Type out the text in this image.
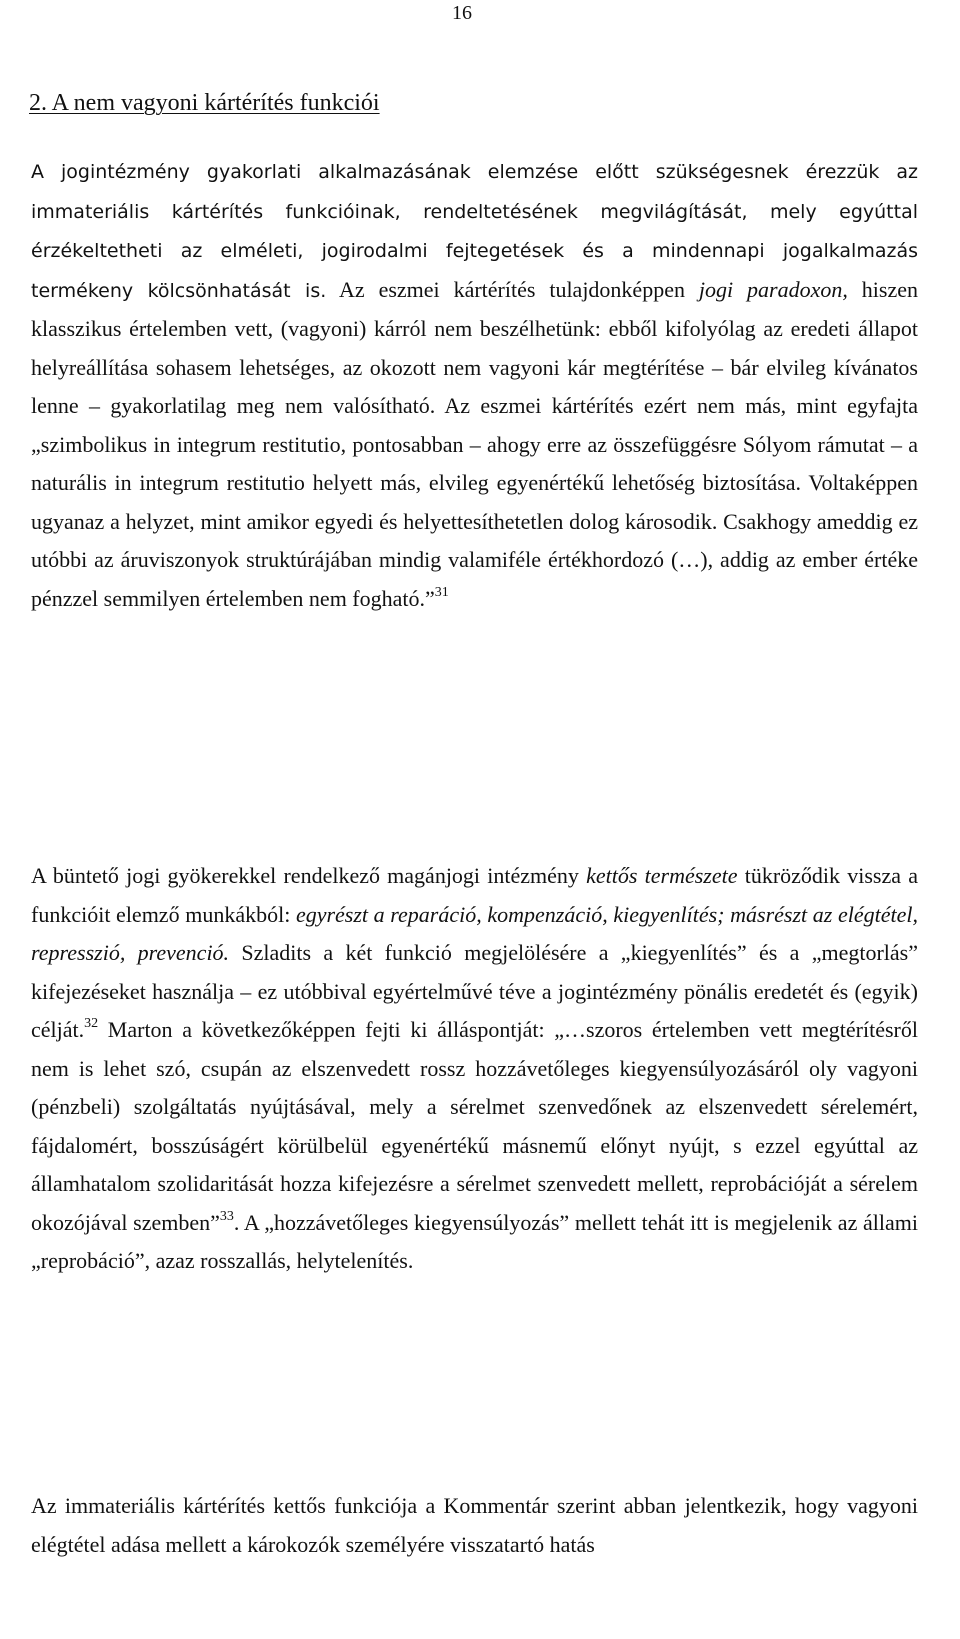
16
2. A nem vagyoni kártérítés funkciói

A jogintézmény gyakorlati alkalmazásának elemzése előtt szükségesnek érezzük az immateriális kártérítés funkcióinak, rendeltetésének megvilágítását, mely egyúttal érzékeltetheti az elméleti, jogirodalmi fejtegetések és a mindennapi jogalkalmazás termékeny kölcsönhatását is. Az eszmei kártérítés tulajdonképpen jogi paradoxon, hiszen klasszikus értelemben vett, (vagyoni) kárról nem beszélhetünk: ebből kifolyólag az eredeti állapot helyreállítása sohasem lehetséges, az okozott nem vagyoni kár megtérítése – bár elvileg kívánatos lenne – gyakorlatilag meg nem valósítható. Az eszmei kártérítés ezért nem más, mint egyfajta „szimbolikus in integrum restitutio, pontosabban – ahogy erre az összefüggésre Sólyom rámutat – a naturális in integrum restitutio helyett más, elvileg egyenértékű lehetőség biztosítása. Voltaképpen ugyanaz a helyzet, mint amikor egyedi és helyettesíthetetlen dolog károsodik. Csakhogy ameddig ez utóbbi az áruviszonyok struktúrájában mindig valamiféle értékhordozó (…), addig az ember értéke pénzzel semmilyen értelemben nem fogható.”$^{31}$

A büntető jogi gyökerekkel rendelkező magánjogi intézmény kettős természete tükröződik vissza a funkcióit elemző munkákból: egyrészt a reparáció, kompenzáció, kiegyenlítés; másrészt az elégtétel, represszió, prevenció. Szladits a két funkció megjelölésére a „kiegyenlítés” és a „megtorlás” kifejezéseket használja – ez utóbbival egyértelművé téve a jogintézmény pönális eredetét és (egyik) célját.$^{32}$ Marton a következőképpen fejti ki álláspontját: „…szoros értelemben vett megtérítésről nem is lehet szó, csupán az elszenvedett rossz hozzávetőleges kiegyensúlyozásáról oly vagyoni (pénzbeli) szolgáltatás nyújtásával, mely a sérelmet szenvedőnek az elszenvedett sérelemért, fájdalomért, bosszúságért körülbelül egyenértékű másnemű előnyt nyújt, s ezzel egyúttal az államhatalom szolidaritását hozza kifejezésre a sérelmet szenvedett mellett, reprobációját a sérelem okozójával szemben”$^{33}$. A „hozzávetőleges kiegyensúlyozás” mellett tehát itt is megjelenik az állami „reprobáció”, azaz rosszallás, helytelenítés.

Az immateriális kártérítés kettős funkciója a Kommentár szerint abban jelentkezik, hogy vagyoni elégtétel adása mellett a károkozók személyére visszatartó hatás
